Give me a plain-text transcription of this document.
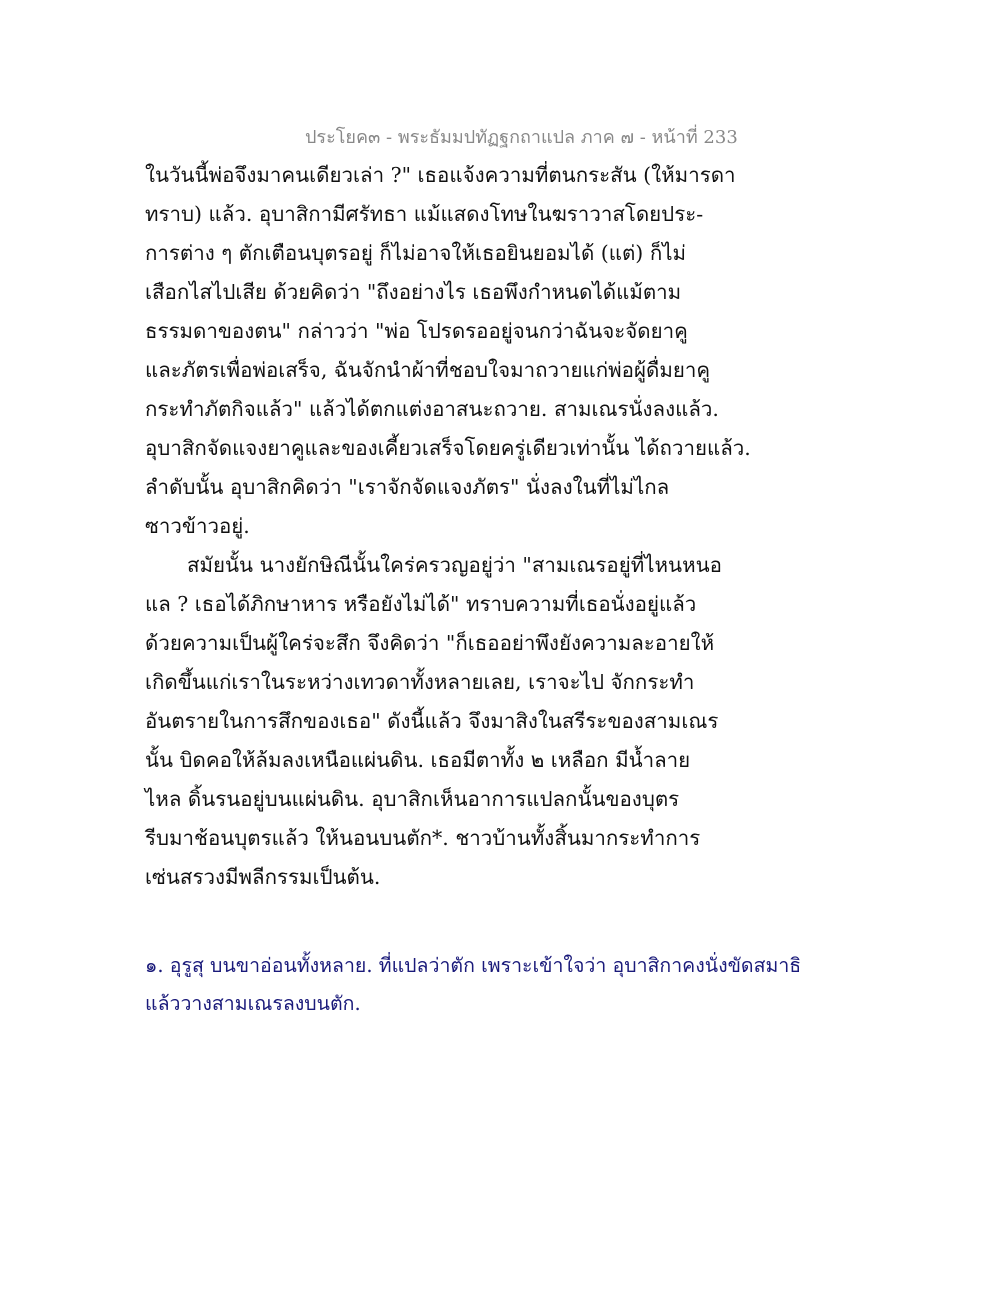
ประโยค๓ - พระธัมมปทัฏฐกถาแปล ภาค ๗ - หน้าที่ 233
ในวันนี้พ่อจึงมาคนเดียวเล่า ?" เธอแจ้งความที่ตนกระสัน (ให้มารดา
ทราบ) แล้ว. อุบาสิกามีศรัทธา แม้แสดงโทษในฆราวาสโดยประ-
การต่าง ๆ ตักเตือนบุตรอยู่ ก็ไม่อาจให้เธอยินยอมได้ (แต่) ก็ไม่
เสือกไสไปเสีย ด้วยคิดว่า "ถึงอย่างไร เธอพึงกำหนดได้แม้ตาม
ธรรมดาของตน" กล่าวว่า "พ่อ โปรดรออยู่จนกว่าฉันจะจัดยาคู
และภัตรเพื่อพ่อเสร็จ, ฉันจักนำผ้าที่ชอบใจมาถวายแก่พ่อผู้ดื่มยาคู
กระทำภัตกิจแล้ว" แล้วได้ตกแต่งอาสนะถวาย. สามเณรนั่งลงแล้ว.
อุบาสิกจัดแจงยาคูและของเคี้ยวเสร็จโดยครู่เดียวเท่านั้น ได้ถวายแล้ว.
ลำดับนั้น อุบาสิกคิดว่า "เราจักจัดแจงภัตร" นั่งลงในที่ไม่ไกล
ซาวข้าวอยู่.
สมัยนั้น นางยักษิณีนั้นใคร่ครวญอยู่ว่า "สามเณรอยู่ที่ไหนหนอ
แล ? เธอได้ภิกษาหาร หรือยังไม่ได้" ทราบความที่เธอนั่งอยู่แล้ว
ด้วยความเป็นผู้ใคร่จะสึก จึงคิดว่า "ก็เธออย่าพึงยังความละอายให้
เกิดขึ้นแก่เราในระหว่างเทวดาทั้งหลายเลย, เราจะไป จักกระทำ
อันตรายในการสึกของเธอ" ดังนี้แล้ว จึงมาสิงในสรีระของสามเณร
นั้น บิดคอให้ล้มลงเหนือแผ่นดิน. เธอมีตาทั้ง ๒ เหลือก มีน้ำลาย
ไหล ดิ้นรนอยู่บนแผ่นดิน. อุบาสิกเห็นอาการแปลกนั้นของบุตร
รีบมาช้อนบุตรแล้ว ให้นอนบนตัก*. ชาวบ้านทั้งสิ้นมากระทำการ
เซ่นสรวงมีพลีกรรมเป็นต้น.
๑. อุรูสุ บนขาอ่อนทั้งหลาย. ที่แปลว่าตัก เพราะเข้าใจว่า อุบาสิกาคงนั่งขัดสมาธิ
แล้ววางสามเณรลงบนตัก.
